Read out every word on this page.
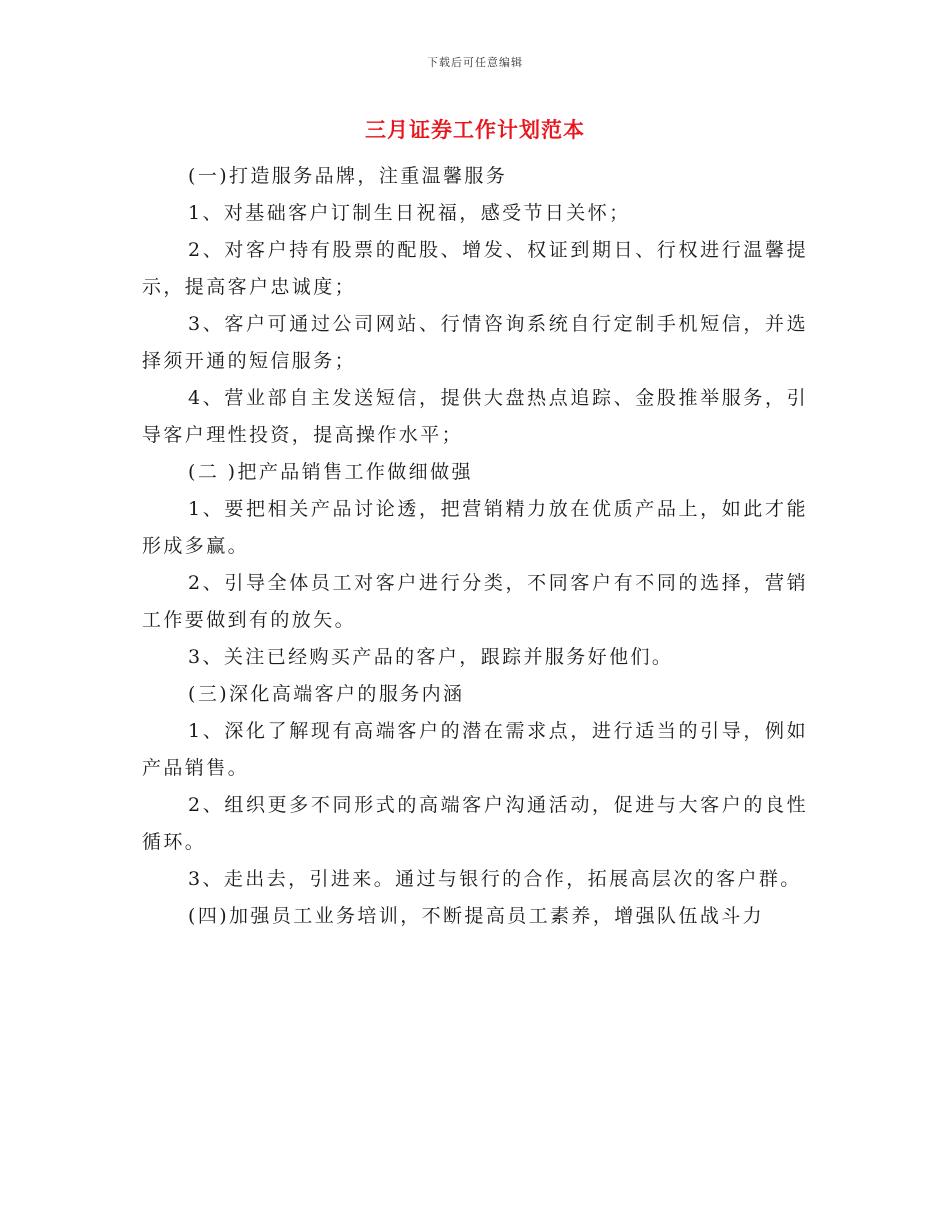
下载后可任意编辑
三月证券工作计划范本

(一)打造服务品牌，注重温馨服务

1、对基础客户订制生日祝福，感受节日关怀；

2、对客户持有股票的配股、增发、权证到期日、行权进行温馨提示，提高客户忠诚度；

3、客户可通过公司网站、行情咨询系统自行定制手机短信，并选择须开通的短信服务；

4、营业部自主发送短信，提供大盘热点追踪、金股推举服务，引导客户理性投资，提高操作水平；

(二 )把产品销售工作做细做强

1、要把相关产品讨论透，把营销精力放在优质产品上，如此才能形成多赢。

2、引导全体员工对客户进行分类，不同客户有不同的选择，营销工作要做到有的放矢。

3、关注已经购买产品的客户，跟踪并服务好他们。

(三)深化高端客户的服务内涵

1、深化了解现有高端客户的潜在需求点，进行适当的引导，例如产品销售。

2、组织更多不同形式的高端客户沟通活动，促进与大客户的良性循环。

3、走出去，引进来。通过与银行的合作，拓展高层次的客户群。

(四)加强员工业务培训，不断提高员工素养，增强队伍战斗力
